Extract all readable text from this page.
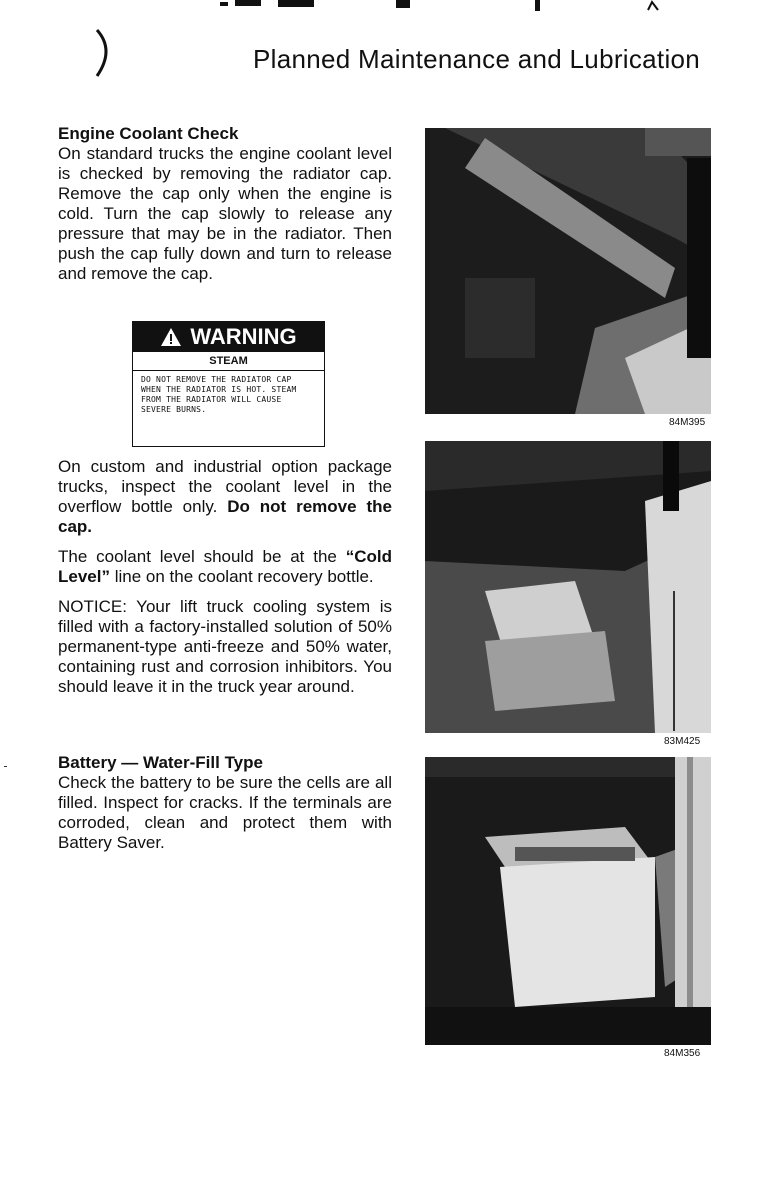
Planned Maintenance and Lubrication
Engine Coolant Check

On standard trucks the engine coolant level is checked by removing the radiator cap. Remove the cap only when the engine is cold. Turn the cap slowly to release any pressure that may be in the radiator. Then push the cap fully down and turn to release and remove the cap.

WARNING
STEAM
DO NOT REMOVE THE RADIATOR CAP WHEN THE RADIATOR IS HOT. STEAM FROM THE RADIATOR WILL CAUSE SEVERE BURNS.

On custom and industrial option package trucks, inspect the coolant level in the overflow bottle only. Do not remove the cap.

The coolant level should be at the “Cold Level” line on the coolant recovery bottle.

NOTICE: Your lift truck cooling system is filled with a factory-installed solution of 50% permanent-type anti-freeze and 50% water, containing rust and corrosion inhibitors. You should leave it in the truck year around.

Battery — Water-Fill Type

Check the battery to be sure the cells are all filled. Inspect for cracks. If the terminals are corroded, clean and protect them with Battery Saver.

84M395
83M425
84M356
